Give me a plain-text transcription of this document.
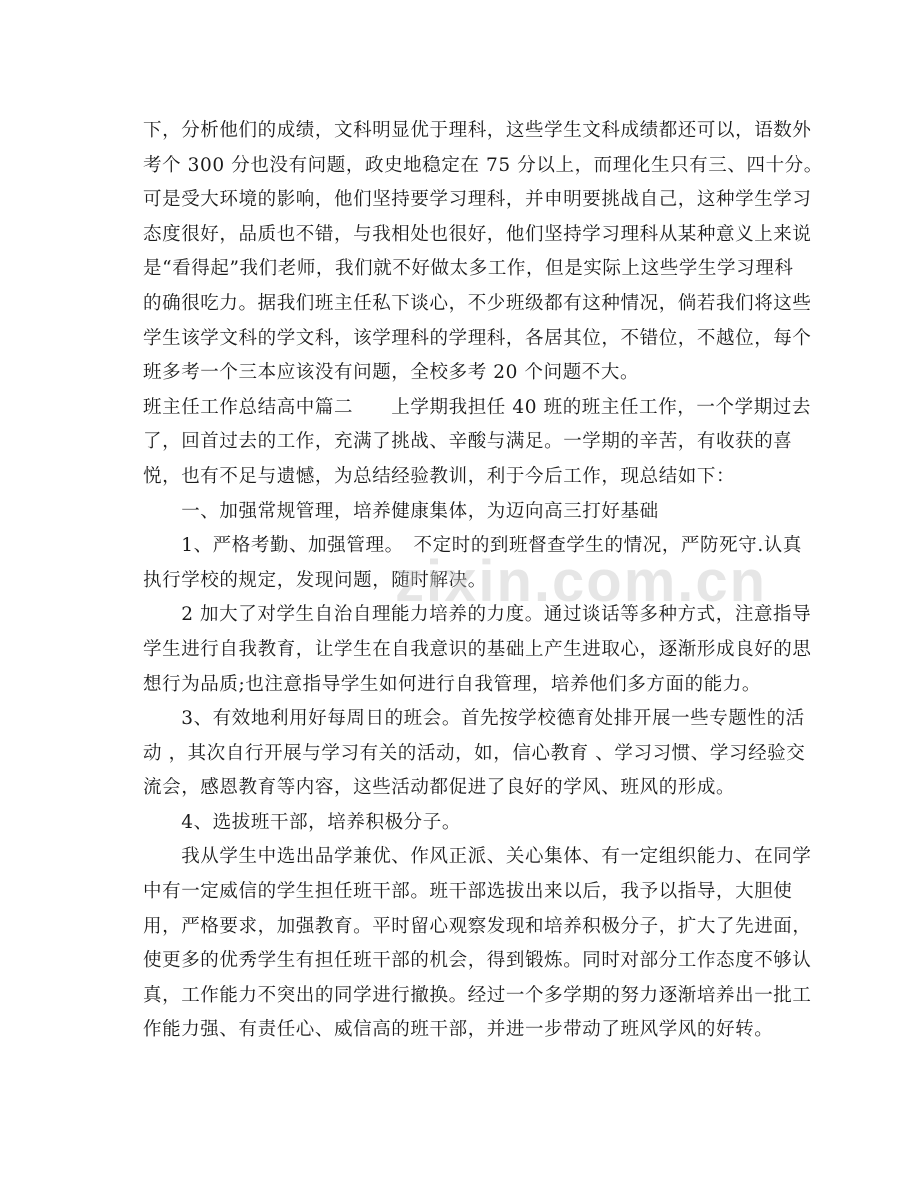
下，分析他们的成绩，文科明显优于理科，这些学生文科成绩都还可以，语数外
考个 300 分也没有问题，政史地稳定在 75 分以上，而理化生只有三、四十分。
可是受大环境的影响，他们坚持要学习理科，并申明要挑战自己，这种学生学习
态度很好，品质也不错，与我相处也很好，他们坚持学习理科从某种意义上来说
是“看得起”我们老师，我们就不好做太多工作，但是实际上这些学生学习理科
的确很吃力。据我们班主任私下谈心，不少班级都有这种情况，倘若我们将这些
学生该学文科的学文科，该学理科的学理科，各居其位，不错位，不越位，每个
班多考一个三本应该没有问题，全校多考 20 个问题不大。
班主任工作总结高中篇二　　上学期我担任 40 班的班主任工作，一个学期过去
了，回首过去的工作，充满了挑战、辛酸与满足。一学期的辛苦，有收获的喜
悦，也有不足与遗憾，为总结经验教训，利于今后工作，现总结如下：
　　一、加强常规管理，培养健康集体，为迈向高三打好基础
　　1、严格考勤、加强管理。　不定时的到班督查学生的情况，严防死守.认真
执行学校的规定，发现问题，随时解决。
　　2 加大了对学生自治自理能力培养的力度。通过谈话等多种方式，注意指导
学生进行自我教育，让学生在自我意识的基础上产生进取心，逐渐形成良好的思
想行为品质;也注意指导学生如何进行自我管理，培养他们多方面的能力。
　　3、有效地利用好每周日的班会。首先按学校德育处排开展一些专题性的活
动 ，其次自行开展与学习有关的活动，如，信心教育 、学习习惯、学习经验交
流会，感恩教育等内容，这些活动都促进了良好的学风、班风的形成。
　　4、选拔班干部，培养积极分子。
　　我从学生中选出品学兼优、作风正派、关心集体、有一定组织能力、在同学
中有一定威信的学生担任班干部。班干部选拔出来以后，我予以指导，大胆使
用，严格要求，加强教育。平时留心观察发现和培养积极分子，扩大了先进面，
使更多的优秀学生有担任班干部的机会，得到锻炼。同时对部分工作态度不够认
真，工作能力不突出的同学进行撤换。经过一个多学期的努力逐渐培养出一批工
作能力强、有责任心、威信高的班干部，并进一步带动了班风学风的好转。
zixin.com.cn
